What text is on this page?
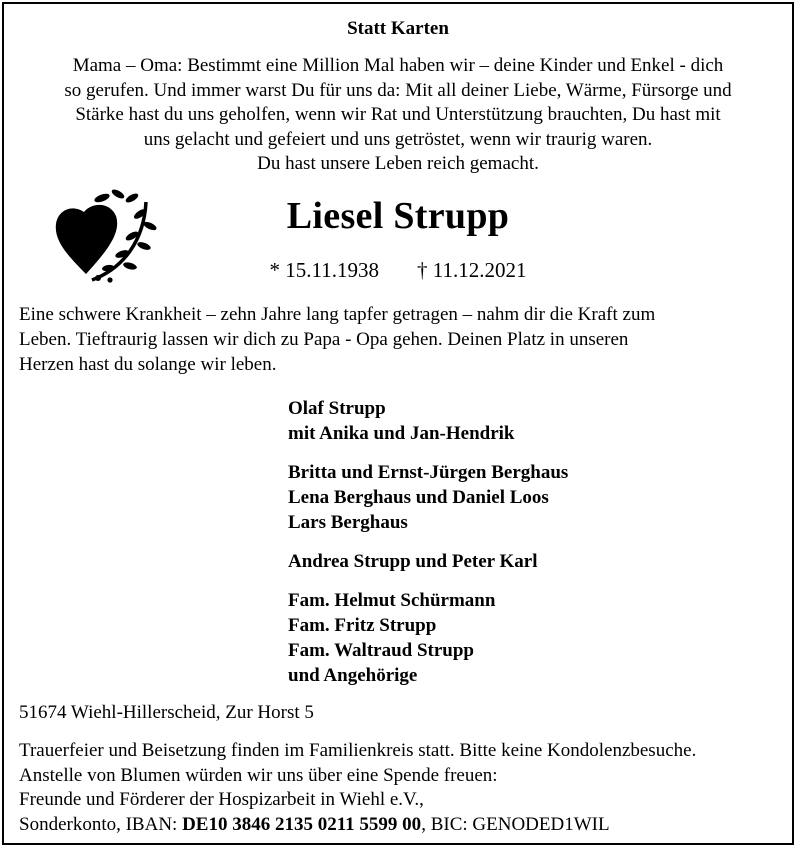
Statt Karten
Mama – Oma: Bestimmt eine Million Mal haben wir – deine Kinder und Enkel - dich
so gerufen. Und immer warst Du für uns da: Mit all deiner Liebe, Wärme, Fürsorge und
Stärke hast du uns geholfen, wenn wir Rat und Unterstützung brauchten, Du hast mit
uns gelacht und gefeiert und uns getröstet, wenn wir traurig waren.
Du hast unsere Leben reich gemacht.
Liesel Strupp
* 15.11.1938 † 11.12.2021
Eine schwere Krankheit – zehn Jahre lang tapfer getragen – nahm dir die Kraft zum
Leben. Tieftraurig lassen wir dich zu Papa - Opa gehen. Deinen Platz in unseren
Herzen hast du solange wir leben.
Olaf Strupp
mit Anika und Jan-Hendrik
Britta und Ernst-Jürgen Berghaus
Lena Berghaus und Daniel Loos
Lars Berghaus
Andrea Strupp und Peter Karl
Fam. Helmut Schürmann
Fam. Fritz Strupp
Fam. Waltraud Strupp
und Angehörige
51674 Wiehl-Hillerscheid, Zur Horst 5
Trauerfeier und Beisetzung finden im Familienkreis statt. Bitte keine Kondolenzbesuche.
Anstelle von Blumen würden wir uns über eine Spende freuen:
Freunde und Förderer der Hospizarbeit in Wiehl e.V.,
Sonderkonto, IBAN: DE10 3846 2135 0211 5599 00, BIC: GENODED1WIL
